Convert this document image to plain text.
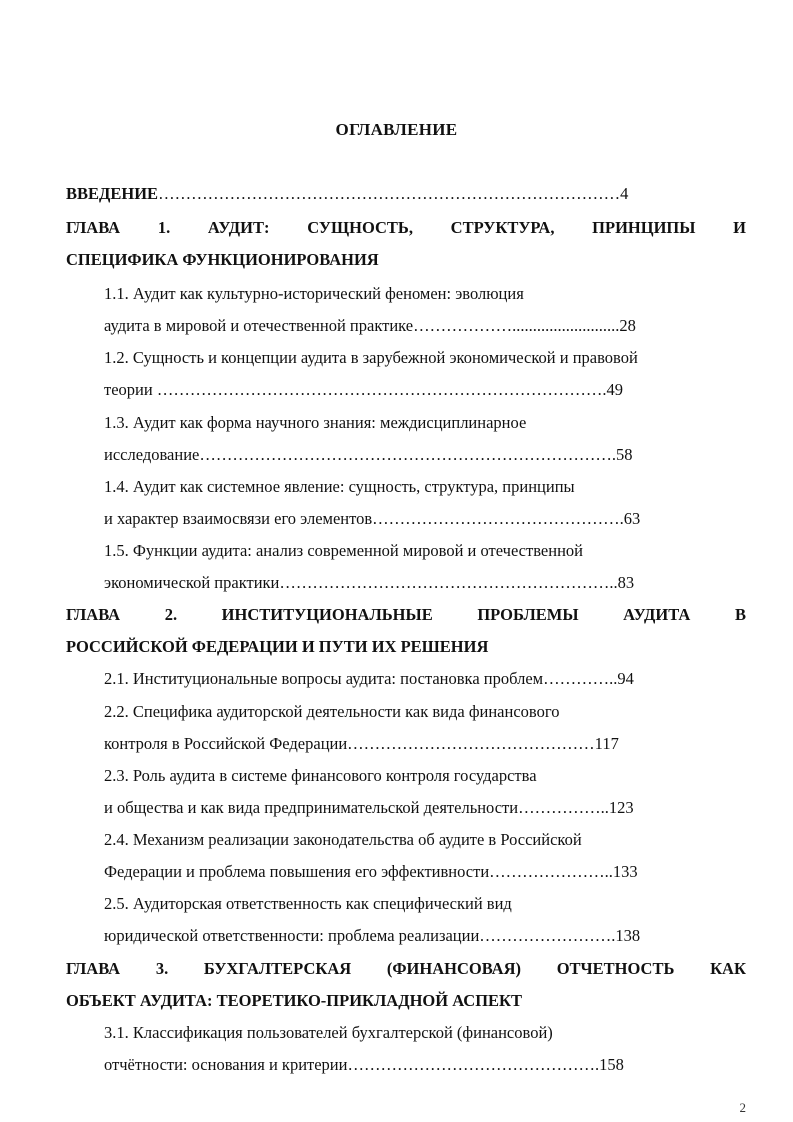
ОГЛАВЛЕНИЕ
ВВЕДЕНИЕ…………………………………………………………………………4
ГЛАВА 1. АУДИТ: СУЩНОСТЬ, СТРУКТУРА, ПРИНЦИПЫ И
СПЕЦИФИКА ФУНКЦИОНИРОВАНИЯ
1.1. Аудит как культурно-исторический феномен: эволюция
аудита в мировой и отечественной практике………………..........................28
1.2. Сущность и концепции аудита в зарубежной экономической и правовой
теории ……………………………………………………………………….49
1.3. Аудит как форма научного знания: междисциплинарное
исследование………………………………………………………………….58
1.4. Аудит как системное явление: сущность, структура, принципы
и характер взаимосвязи его элементов……………………………………….63
1.5. Функции аудита: анализ современной мировой и отечественной
экономической практики……………………………………………………..83
ГЛАВА	2.	ИНСТИТУЦИОНАЛЬНЫЕ	ПРОБЛЕМЫ	АУДИТА	В
РОССИЙСКОЙ ФЕДЕРАЦИИ И ПУТИ ИХ РЕШЕНИЯ
2.1. Институциональные вопросы аудита: постановка проблем…………..94
2.2. Специфика аудиторской деятельности как вида финансового
контроля в Российской Федерации………………………………………117
2.3. Роль аудита в системе финансового контроля государства
и общества и как вида предпринимательской деятельности……………..123
2.4. Механизм реализации законодательства об аудите в Российской
Федерации и проблема повышения его эффективности…………………..133
2.5. Аудиторская ответственность как специфический вид
юридической ответственности: проблема реализации…………………….138
ГЛАВА 3. БУХГАЛТЕРСКАЯ (ФИНАНСОВАЯ) ОТЧЕТНОСТЬ КАК
ОБЪЕКТ АУДИТА: ТЕОРЕТИКО-ПРИКЛАДНОЙ АСПЕКТ
3.1. Классификация пользователей бухгалтерской (финансовой)
отчётности: основания и критерии……………………………………….158
2
